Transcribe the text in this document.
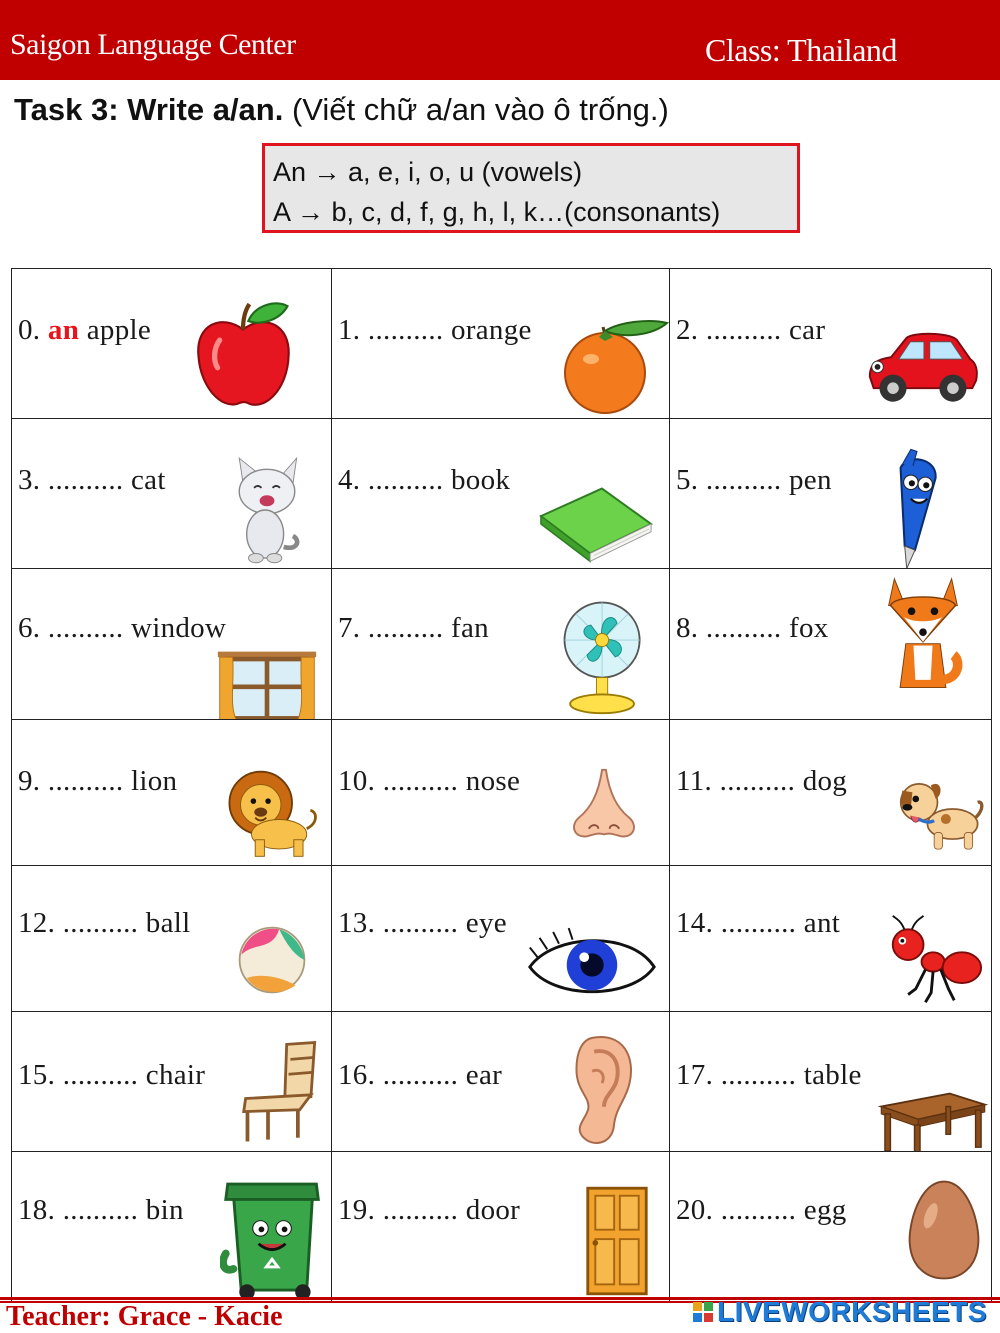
Saigon Language Center	Class: Thailand
Task 3: Write a/an. (Viết chữ a/an vào ô trống.)
An → a, e, i, o, u (vowels)
A → b, c, d, f, g, h, l, k…(consonants)
0. an apple	1. .......... orange	2. .......... car
3. .......... cat	4. .......... book	5. .......... pen
6. .......... window	7. .......... fan	8. .......... fox
9. .......... lion	10. .......... nose	11. .......... dog
12. .......... ball	13. .......... eye	14. .......... ant
15. .......... chair	16. .......... ear	17. .......... table
18. .......... bin	19. .......... door	20. .......... egg
Teacher: Grace - Kacie	LIVEWORKSHEETS
